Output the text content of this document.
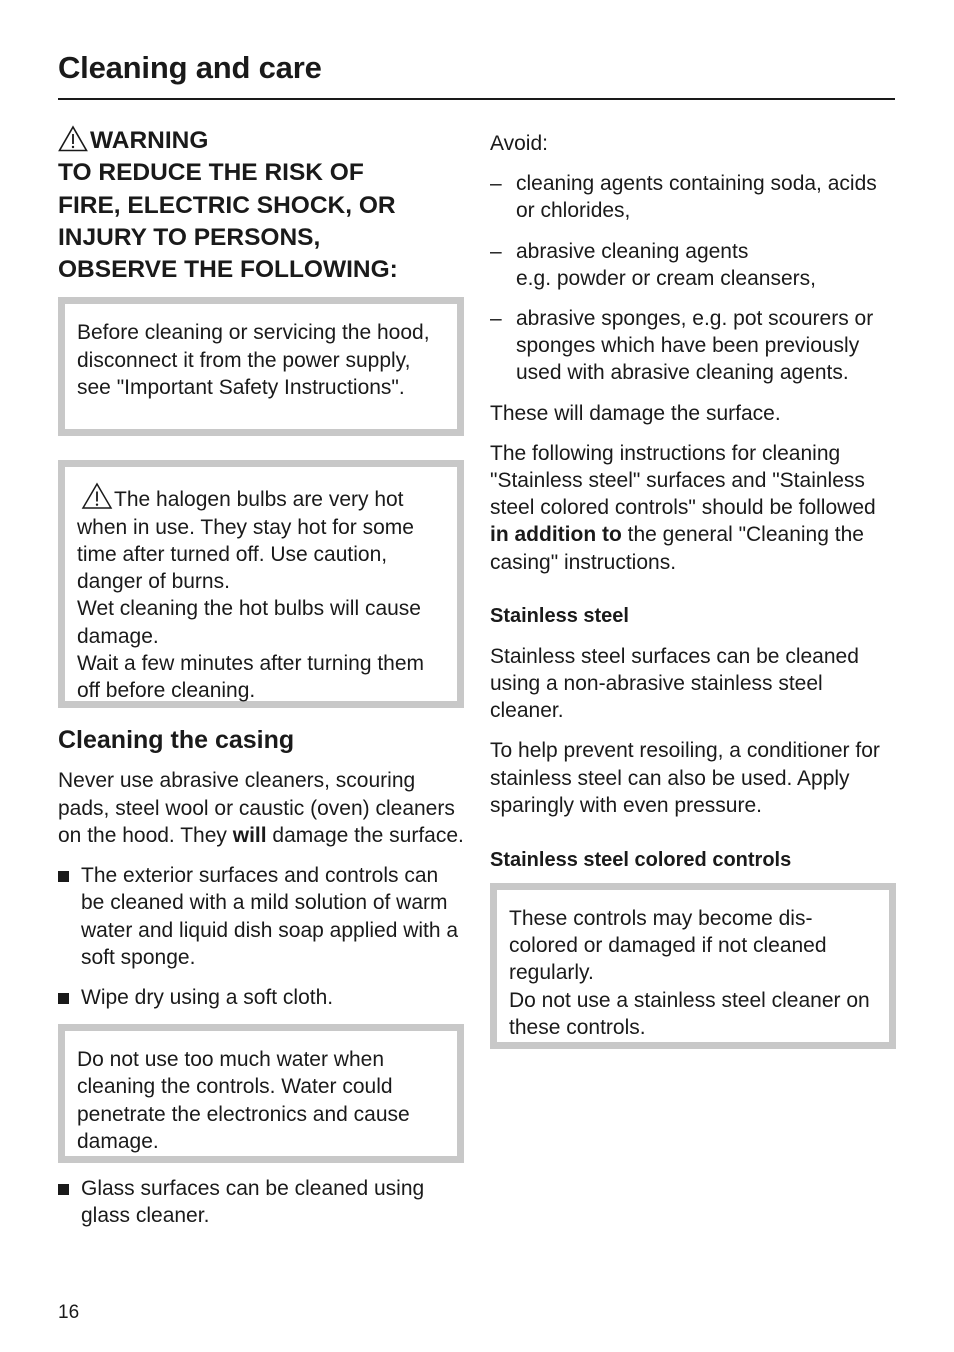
Cleaning and care
WARNING
TO REDUCE THE RISK OF
FIRE, ELECTRIC SHOCK, OR
INJURY TO PERSONS,
OBSERVE THE FOLLOWING:

Before cleaning or servicing the hood, disconnect it from the power supply, see "Important Safety Instructions".

The halogen bulbs are very hot when in use. They stay hot for some time after turned off. Use caution, danger of burns.

Wet cleaning the hot bulbs will cause damage.

Wait a few minutes after turning them off before cleaning.

Cleaning the casing

Never use abrasive cleaners, scouring pads, steel wool or caustic (oven) cleaners on the hood. They will damage the surface.

The exterior surfaces and controls can be cleaned with a mild solution of warm water and liquid dish soap applied with a soft sponge.
Wipe dry using a soft cloth.

Do not use too much water when cleaning the controls. Water could penetrate the electronics and cause damage.

Glass surfaces can be cleaned using glass cleaner.

Avoid:

– cleaning agents containing soda, acids or chlorides,
– abrasive cleaning agents
e.g. powder or cream cleansers,
– abrasive sponges, e.g. pot scourers or sponges which have been previously used with abrasive cleaning agents.

These will damage the surface.

The following instructions for cleaning "Stainless steel" surfaces and "Stainless steel colored controls" should be followed in addition to the general "Cleaning the casing" instructions.

Stainless steel

Stainless steel surfaces can be cleaned using a non-abrasive stainless steel cleaner.

To help prevent resoiling, a conditioner for stainless steel can also be used. Apply sparingly with even pressure.

Stainless steel colored controls

These controls may become dis-colored or damaged if not cleaned regularly.

Do not use a stainless steel cleaner on these controls.

16
